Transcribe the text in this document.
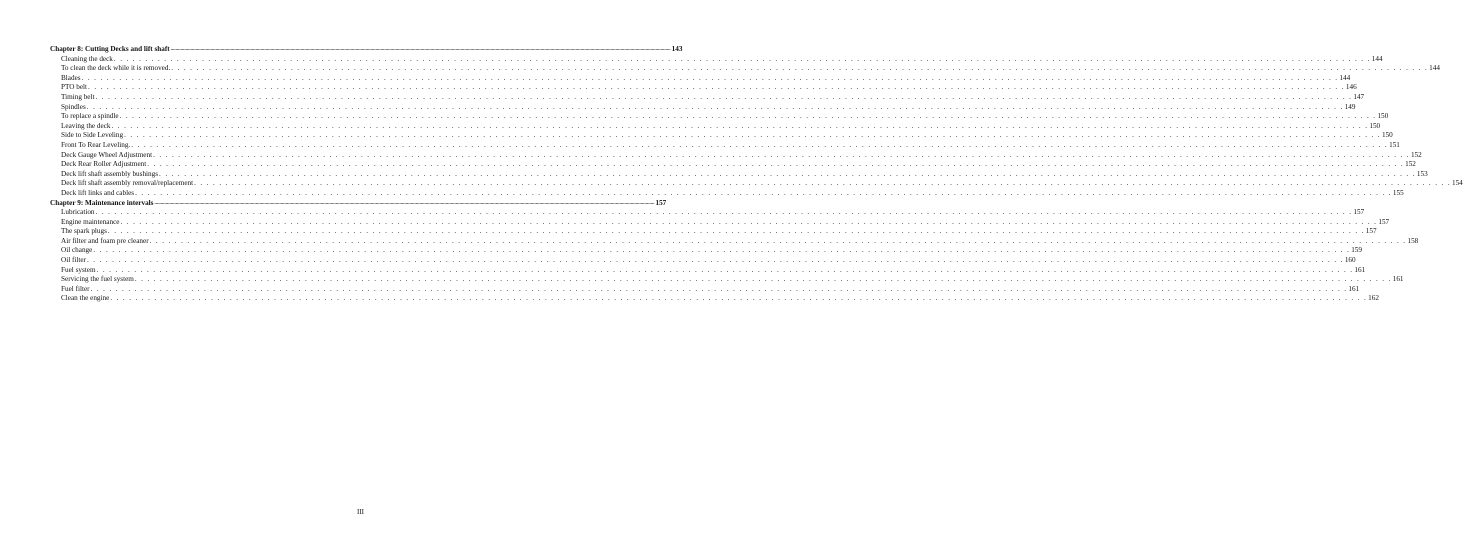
Chapter 8: Cutting Decks and lift shaft ................................................................................................................................................................................................................................................................................................................................................................................................................ 143
Cleaning the deck . . . . . . . . . . . . . . . . . . . . . . . . . . . . . . . . . . . . . . . . . . . . . . . . . . . . . . . . . . . . . . . . . . . . . . . . . . . . . . . . . . . . . . . . . . . . . . . . . . . . . . . . . . . . . . . . . . . . . . . . . . . . . . . . . . . . . . . . . . . . . . . . . . . . . . . . . . . . . . . . . . . . . . . . . . . . . . . . . . . . . . . . . . . . . . . . . . . . . . . . 144
To clean the deck while it is removed. . . . . . . . . . . . . . . . . . . . . . . . . . . . . . . . . . . . . . . . . . . . . . . . . . . . . . . . . . . . . . . . . . . . . . . . . . . . . . . . . . . . . . . . . . . . . . . . . . . . . . . . . . . . . . . . . . . . . . . . . . . . . . . . . . . . . . . . . . . . . . . . . . . . . . . . . . . . . . . . . . . . . . . . . . . . . . . . . . . . . . . . . . . . . . . . . . . . . . . . . 144
Blades . . . . . . . . . . . . . . . . . . . . . . . . . . . . . . . . . . . . . . . . . . . . . . . . . . . . . . . . . . . . . . . . . . . . . . . . . . . . . . . . . . . . . . . . . . . . . . . . . . . . . . . . . . . . . . . . . . . . . . . . . . . . . . . . . . . . . . . . . . . . . . . . . . . . . . . . . . . . . . . . . . . . . . . . . . . . . . . . . . . . . . . . . . . . . . . . . . . . . . . . 144
PTO belt . . . . . . . . . . . . . . . . . . . . . . . . . . . . . . . . . . . . . . . . . . . . . . . . . . . . . . . . . . . . . . . . . . . . . . . . . . . . . . . . . . . . . . . . . . . . . . . . . . . . . . . . . . . . . . . . . . . . . . . . . . . . . . . . . . . . . . . . . . . . . . . . . . . . . . . . . . . . . . . . . . . . . . . . . . . . . . . . . . . . . . . . . . . . . . . . . . . . . . . . 146
Timing belt . . . . . . . . . . . . . . . . . . . . . . . . . . . . . . . . . . . . . . . . . . . . . . . . . . . . . . . . . . . . . . . . . . . . . . . . . . . . . . . . . . . . . . . . . . . . . . . . . . . . . . . . . . . . . . . . . . . . . . . . . . . . . . . . . . . . . . . . . . . . . . . . . . . . . . . . . . . . . . . . . . . . . . . . . . . . . . . . . . . . . . . . . . . . . . . . . . . . . . . . 147
Spindles . . . . . . . . . . . . . . . . . . . . . . . . . . . . . . . . . . . . . . . . . . . . . . . . . . . . . . . . . . . . . . . . . . . . . . . . . . . . . . . . . . . . . . . . . . . . . . . . . . . . . . . . . . . . . . . . . . . . . . . . . . . . . . . . . . . . . . . . . . . . . . . . . . . . . . . . . . . . . . . . . . . . . . . . . . . . . . . . . . . . . . . . . . . . . . . . . . . . . . . . 149
To replace a spindle . . . . . . . . . . . . . . . . . . . . . . . . . . . . . . . . . . . . . . . . . . . . . . . . . . . . . . . . . . . . . . . . . . . . . . . . . . . . . . . . . . . . . . . . . . . . . . . . . . . . . . . . . . . . . . . . . . . . . . . . . . . . . . . . . . . . . . . . . . . . . . . . . . . . . . . . . . . . . . . . . . . . . . . . . . . . . . . . . . . . . . . . . . . . . . . . . . . . . . . . 150
Leaving the deck . . . . . . . . . . . . . . . . . . . . . . . . . . . . . . . . . . . . . . . . . . . . . . . . . . . . . . . . . . . . . . . . . . . . . . . . . . . . . . . . . . . . . . . . . . . . . . . . . . . . . . . . . . . . . . . . . . . . . . . . . . . . . . . . . . . . . . . . . . . . . . . . . . . . . . . . . . . . . . . . . . . . . . . . . . . . . . . . . . . . . . . . . . . . . . . . . . . . . . . . 150
Side to Side Leveling . . . . . . . . . . . . . . . . . . . . . . . . . . . . . . . . . . . . . . . . . . . . . . . . . . . . . . . . . . . . . . . . . . . . . . . . . . . . . . . . . . . . . . . . . . . . . . . . . . . . . . . . . . . . . . . . . . . . . . . . . . . . . . . . . . . . . . . . . . . . . . . . . . . . . . . . . . . . . . . . . . . . . . . . . . . . . . . . . . . . . . . . . . . . . . . . . . . . . . . . 150
Front To Rear Leveling. . . . . . . . . . . . . . . . . . . . . . . . . . . . . . . . . . . . . . . . . . . . . . . . . . . . . . . . . . . . . . . . . . . . . . . . . . . . . . . . . . . . . . . . . . . . . . . . . . . . . . . . . . . . . . . . . . . . . . . . . . . . . . . . . . . . . . . . . . . . . . . . . . . . . . . . . . . . . . . . . . . . . . . . . . . . . . . . . . . . . . . . . . . . . . . . . . . . . . . . . 151
Deck Gauge Wheel Adjustment . . . . . . . . . . . . . . . . . . . . . . . . . . . . . . . . . . . . . . . . . . . . . . . . . . . . . . . . . . . . . . . . . . . . . . . . . . . . . . . . . . . . . . . . . . . . . . . . . . . . . . . . . . . . . . . . . . . . . . . . . . . . . . . . . . . . . . . . . . . . . . . . . . . . . . . . . . . . . . . . . . . . . . . . . . . . . . . . . . . . . . . . . . . . . . . . . . . . . . . . 152
Deck Rear Roller Adjustment . . . . . . . . . . . . . . . . . . . . . . . . . . . . . . . . . . . . . . . . . . . . . . . . . . . . . . . . . . . . . . . . . . . . . . . . . . . . . . . . . . . . . . . . . . . . . . . . . . . . . . . . . . . . . . . . . . . . . . . . . . . . . . . . . . . . . . . . . . . . . . . . . . . . . . . . . . . . . . . . . . . . . . . . . . . . . . . . . . . . . . . . . . . . . . . . . . . . . . . . 152
Deck lift shaft assembly bushings . . . . . . . . . . . . . . . . . . . . . . . . . . . . . . . . . . . . . . . . . . . . . . . . . . . . . . . . . . . . . . . . . . . . . . . . . . . . . . . . . . . . . . . . . . . . . . . . . . . . . . . . . . . . . . . . . . . . . . . . . . . . . . . . . . . . . . . . . . . . . . . . . . . . . . . . . . . . . . . . . . . . . . . . . . . . . . . . . . . . . . . . . . . . . . . . . . . . . . . . 153
Deck lift shaft assembly removal/replacement . . . . . . . . . . . . . . . . . . . . . . . . . . . . . . . . . . . . . . . . . . . . . . . . . . . . . . . . . . . . . . . . . . . . . . . . . . . . . . . . . . . . . . . . . . . . . . . . . . . . . . . . . . . . . . . . . . . . . . . . . . . . . . . . . . . . . . . . . . . . . . . . . . . . . . . . . . . . . . . . . . . . . . . . . . . . . . . . . . . . . . . . . . . . . . . . . . . . . . . . 154
Deck lift links and cables . . . . . . . . . . . . . . . . . . . . . . . . . . . . . . . . . . . . . . . . . . . . . . . . . . . . . . . . . . . . . . . . . . . . . . . . . . . . . . . . . . . . . . . . . . . . . . . . . . . . . . . . . . . . . . . . . . . . . . . . . . . . . . . . . . . . . . . . . . . . . . . . . . . . . . . . . . . . . . . . . . . . . . . . . . . . . . . . . . . . . . . . . . . . . . . . . . . . . . . . 155
Chapter 9: Maintenance intervals ................................................................................................................................................................................................................................................................................................................................................................................................................ 157
Lubrication . . . . . . . . . . . . . . . . . . . . . . . . . . . . . . . . . . . . . . . . . . . . . . . . . . . . . . . . . . . . . . . . . . . . . . . . . . . . . . . . . . . . . . . . . . . . . . . . . . . . . . . . . . . . . . . . . . . . . . . . . . . . . . . . . . . . . . . . . . . . . . . . . . . . . . . . . . . . . . . . . . . . . . . . . . . . . . . . . . . . . . . . . . . . . . . . . . . . . . . . 157
Engine maintenance . . . . . . . . . . . . . . . . . . . . . . . . . . . . . . . . . . . . . . . . . . . . . . . . . . . . . . . . . . . . . . . . . . . . . . . . . . . . . . . . . . . . . . . . . . . . . . . . . . . . . . . . . . . . . . . . . . . . . . . . . . . . . . . . . . . . . . . . . . . . . . . . . . . . . . . . . . . . . . . . . . . . . . . . . . . . . . . . . . . . . . . . . . . . . . . . . . . . . . . . 157
The spark plugs . . . . . . . . . . . . . . . . . . . . . . . . . . . . . . . . . . . . . . . . . . . . . . . . . . . . . . . . . . . . . . . . . . . . . . . . . . . . . . . . . . . . . . . . . . . . . . . . . . . . . . . . . . . . . . . . . . . . . . . . . . . . . . . . . . . . . . . . . . . . . . . . . . . . . . . . . . . . . . . . . . . . . . . . . . . . . . . . . . . . . . . . . . . . . . . . . . . . . . . . 157
Air filter and foam pre cleaner . . . . . . . . . . . . . . . . . . . . . . . . . . . . . . . . . . . . . . . . . . . . . . . . . . . . . . . . . . . . . . . . . . . . . . . . . . . . . . . . . . . . . . . . . . . . . . . . . . . . . . . . . . . . . . . . . . . . . . . . . . . . . . . . . . . . . . . . . . . . . . . . . . . . . . . . . . . . . . . . . . . . . . . . . . . . . . . . . . . . . . . . . . . . . . . . . . . . . . . . 158
Oil change . . . . . . . . . . . . . . . . . . . . . . . . . . . . . . . . . . . . . . . . . . . . . . . . . . . . . . . . . . . . . . . . . . . . . . . . . . . . . . . . . . . . . . . . . . . . . . . . . . . . . . . . . . . . . . . . . . . . . . . . . . . . . . . . . . . . . . . . . . . . . . . . . . . . . . . . . . . . . . . . . . . . . . . . . . . . . . . . . . . . . . . . . . . . . . . . . . . . . . . . 159
Oil filter . . . . . . . . . . . . . . . . . . . . . . . . . . . . . . . . . . . . . . . . . . . . . . . . . . . . . . . . . . . . . . . . . . . . . . . . . . . . . . . . . . . . . . . . . . . . . . . . . . . . . . . . . . . . . . . . . . . . . . . . . . . . . . . . . . . . . . . . . . . . . . . . . . . . . . . . . . . . . . . . . . . . . . . . . . . . . . . . . . . . . . . . . . . . . . . . . . . . . . . . 160
Fuel system . . . . . . . . . . . . . . . . . . . . . . . . . . . . . . . . . . . . . . . . . . . . . . . . . . . . . . . . . . . . . . . . . . . . . . . . . . . . . . . . . . . . . . . . . . . . . . . . . . . . . . . . . . . . . . . . . . . . . . . . . . . . . . . . . . . . . . . . . . . . . . . . . . . . . . . . . . . . . . . . . . . . . . . . . . . . . . . . . . . . . . . . . . . . . . . . . . . . . . . . 161
Servicing the fuel system . . . . . . . . . . . . . . . . . . . . . . . . . . . . . . . . . . . . . . . . . . . . . . . . . . . . . . . . . . . . . . . . . . . . . . . . . . . . . . . . . . . . . . . . . . . . . . . . . . . . . . . . . . . . . . . . . . . . . . . . . . . . . . . . . . . . . . . . . . . . . . . . . . . . . . . . . . . . . . . . . . . . . . . . . . . . . . . . . . . . . . . . . . . . . . . . . . . . . . . . 161
Fuel filter . . . . . . . . . . . . . . . . . . . . . . . . . . . . . . . . . . . . . . . . . . . . . . . . . . . . . . . . . . . . . . . . . . . . . . . . . . . . . . . . . . . . . . . . . . . . . . . . . . . . . . . . . . . . . . . . . . . . . . . . . . . . . . . . . . . . . . . . . . . . . . . . . . . . . . . . . . . . . . . . . . . . . . . . . . . . . . . . . . . . . . . . . . . . . . . . . . . . . . . . 161
Clean the engine . . . . . . . . . . . . . . . . . . . . . . . . . . . . . . . . . . . . . . . . . . . . . . . . . . . . . . . . . . . . . . . . . . . . . . . . . . . . . . . . . . . . . . . . . . . . . . . . . . . . . . . . . . . . . . . . . . . . . . . . . . . . . . . . . . . . . . . . . . . . . . . . . . . . . . . . . . . . . . . . . . . . . . . . . . . . . . . . . . . . . . . . . . . . . . . . . . . . . . . . 162
III
